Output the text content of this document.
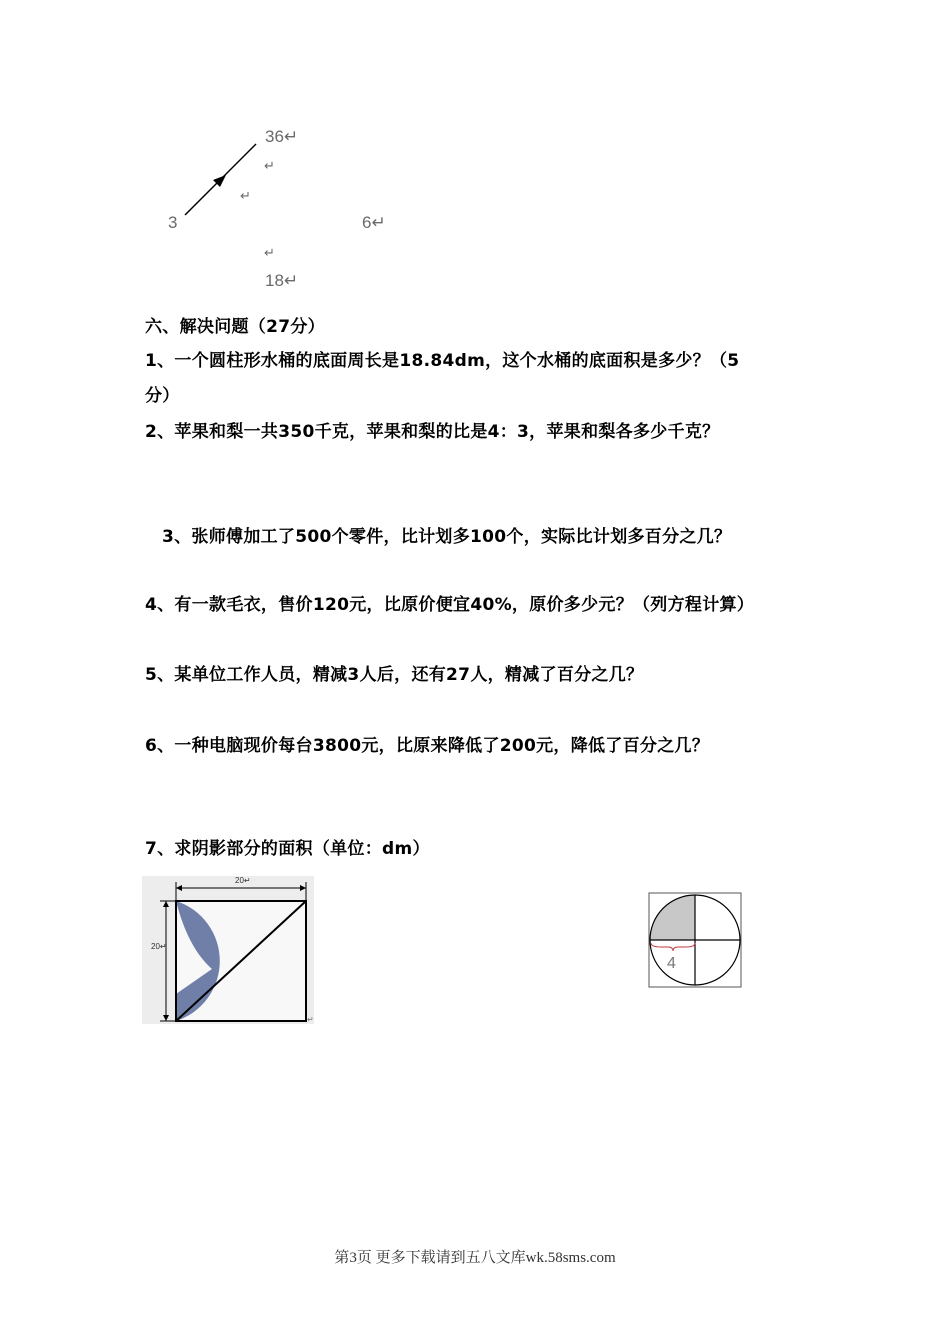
36↵
↵
↵
3	6↵
↵
18↵
六、解决问题（27分）
1、一个圆柱形水桶的底面周长是18.84dm，这个水桶的底面积是多少？（5
分）
2、苹果和梨一共350千克，苹果和梨的比是4：3，苹果和梨各多少千克？
3、张师傅加工了500个零件，比计划多100个，实际比计划多百分之几？
4、有一款毛衣，售价120元，比原价便宜40%，原价多少元？（列方程计算）
5、某单位工作人员，精减3人后，还有27人，精减了百分之几？
6、一种电脑现价每台3800元，比原来降低了200元，降低了百分之几？
7、求阴影部分的面积（单位：dm）
20↵
20↵
↵
4
第3页 更多下载请到五八文库wk.58sms.com
